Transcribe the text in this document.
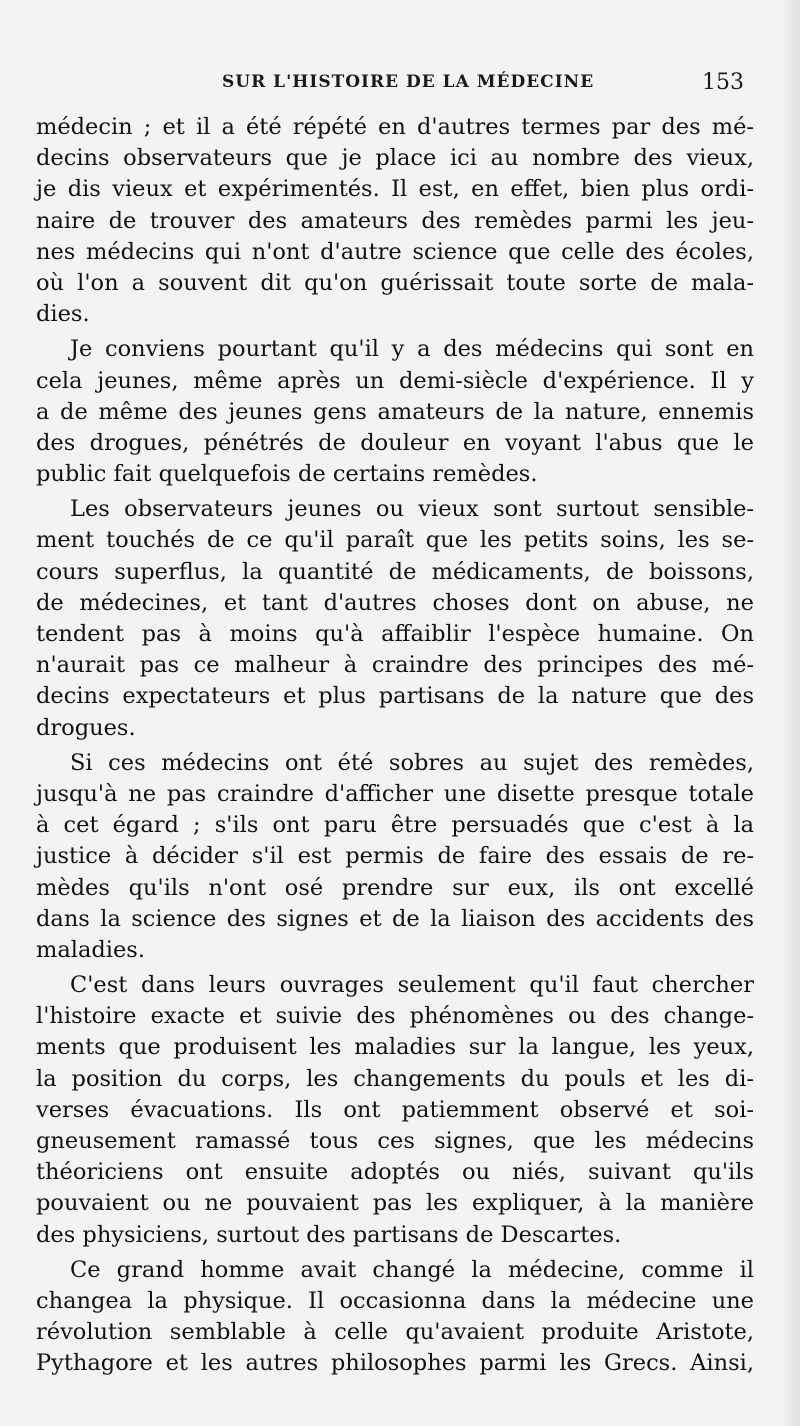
SUR L'HISTOIRE DE LA MÉDECINE	153
médecin ; et il a été répété en d'autres termes par des mé-
decins observateurs que je place ici au nombre des vieux,
je dis vieux et expérimentés. Il est, en effet, bien plus ordi-
naire de trouver des amateurs des remèdes parmi les jeu-
nes médecins qui n'ont d'autre science que celle des écoles,
où l'on a souvent dit qu'on guérissait toute sorte de mala-
dies.
Je conviens pourtant qu'il y a des médecins qui sont en
cela jeunes, même après un demi-siècle d'expérience. Il y
a de même des jeunes gens amateurs de la nature, ennemis
des drogues, pénétrés de douleur en voyant l'abus que le
public fait quelquefois de certains remèdes.
Les observateurs jeunes ou vieux sont surtout sensible-
ment touchés de ce qu'il paraît que les petits soins, les se-
cours superflus, la quantité de médicaments, de boissons,
de médecines, et tant d'autres choses dont on abuse, ne
tendent pas à moins qu'à affaiblir l'espèce humaine. On
n'aurait pas ce malheur à craindre des principes des mé-
decins expectateurs et plus partisans de la nature que des
drogues.
Si ces médecins ont été sobres au sujet des remèdes,
jusqu'à ne pas craindre d'afficher une disette presque totale
à cet égard ; s'ils ont paru être persuadés que c'est à la
justice à décider s'il est permis de faire des essais de re-
mèdes qu'ils n'ont osé prendre sur eux, ils ont excellé
dans la science des signes et de la liaison des accidents des
maladies.
C'est dans leurs ouvrages seulement qu'il faut chercher
l'histoire exacte et suivie des phénomènes ou des change-
ments que produisent les maladies sur la langue, les yeux,
la position du corps, les changements du pouls et les di-
verses évacuations. Ils ont patiemment observé et soi-
gneusement ramassé tous ces signes, que les médecins
théoriciens ont ensuite adoptés ou niés, suivant qu'ils
pouvaient ou ne pouvaient pas les expliquer, à la manière
des physiciens, surtout des partisans de Descartes.
Ce grand homme avait changé la médecine, comme il
changea la physique. Il occasionna dans la médecine une
révolution semblable à celle qu'avaient produite Aristote,
Pythagore et les autres philosophes parmi les Grecs. Ainsi,
